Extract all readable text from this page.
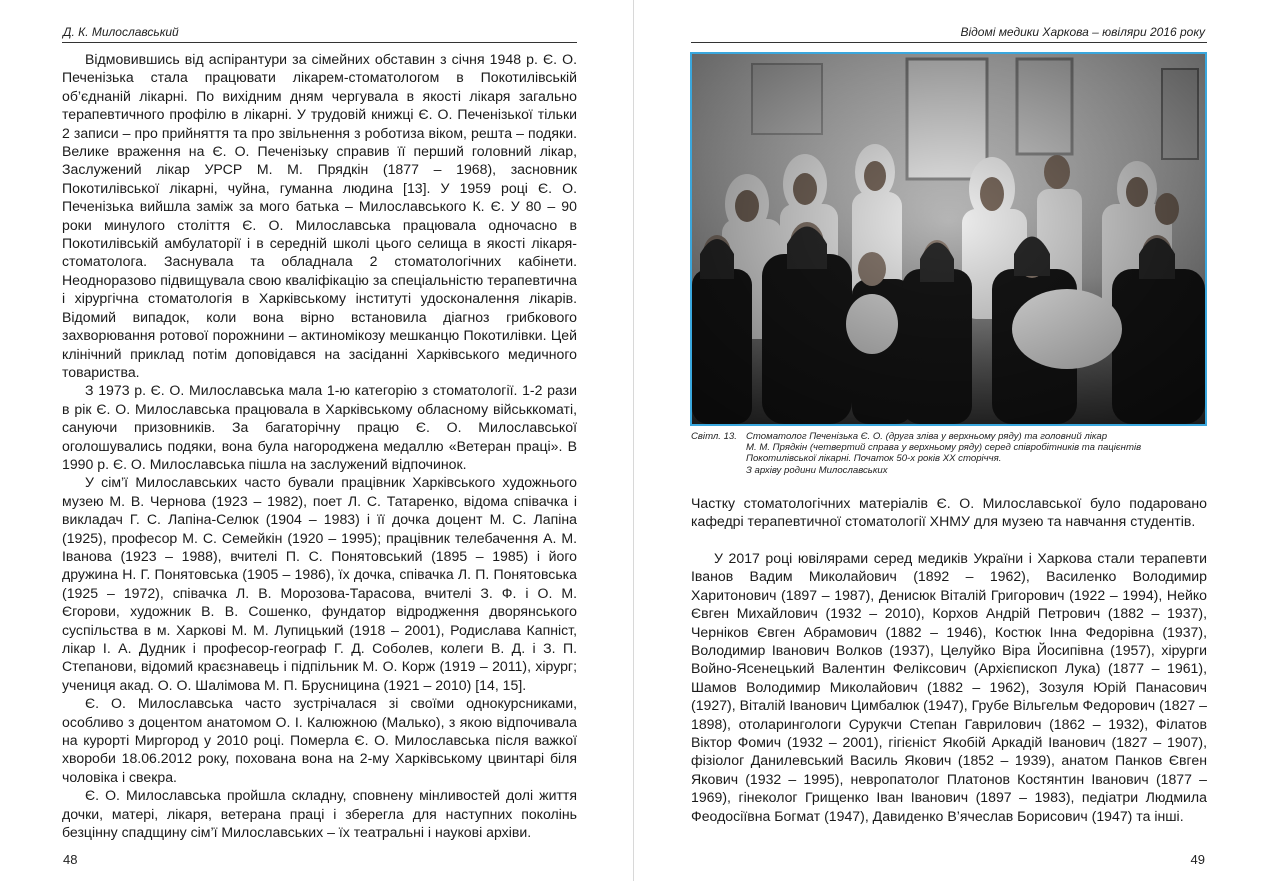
Д. К. Милославський

Відмовившись від аспірантури за сімейних обставин з січня 1948 р. Є. О. Печенізька стала працювати лікарем-стоматологом в Покотилівській об’єднаній лікарні. По вихідним дням чергувала в якості лікаря загально терапевтичного профілю в лікарні. У трудовій книжці Є. О. Печенізької тільки 2 записи – про прийняття та про звільнення з роботиза віком, решта – подяки. Велике враження на Є. О. Печенізьку справив її перший головний лікар, Заслужений лікар УРСР М. М. Прядкін (1877 – 1968), засновник Покотилівської лікарні, чуйна, гуманна людина [13]. У 1959 році Є. О. Печенізька вийшла заміж за мого батька – Милославського К. Є. У 80 – 90 роки минулого століття Є. О. Милославська працювала одночасно в Покотилівській амбулаторії і в середній школі цього селища в якості лікаря-стоматолога. Заснувала та обладнала 2 стоматологічних кабінети. Неодноразово підвищувала свою кваліфікацію за спеціальністю терапевтична і хірургічна стоматологія в Харківському інституті удосконалення лікарів. Відомий випадок, коли вона вірно встановила діагноз грибкового захворювання ротової порожнини – актиномікозу мешканцю Покотилівки. Цей клінічний приклад потім доповідався на засіданні Харківського медичного товариства.

З 1973 р. Є. О. Милославська мала 1-ю категорію з стоматології. 1-2 рази в рік Є. О. Милославська працювала в Харківському обласному військкоматі, сануючи призовників. За багаторічну працю Є. О. Милославської оголошувались подяки, вона була нагороджена медаллю «Ветеран праці». В 1990 р. Є. О. Милославська пішла на заслужений відпочинок.

У сім’ї Милославських часто бували працівник Харківського художнього музею М. В. Чернова (1923 – 1982), поет Л. С. Татаренко, відома співачка і викладач Г. С. Лапіна-Селюк (1904 – 1983) і її дочка доцент М. С. Лапіна (1925), професор М. С. Семейкін (1920 – 1995); працівник телебачення А. М. Іванова (1923 – 1988), вчителі П. С. Понятовський (1895 – 1985) і його дружина Н. Г. Понятовська (1905 – 1986), їх дочка, співачка Л. П. Понятовська (1925 – 1972), співачка Л. В. Морозова-Тарасова, вчителі З. Ф. і О. М. Єгорови, художник В. В. Сошенко, фундатор відродження дворянського суспільства в м. Харкові М. М. Лупицький (1918 – 2001), Родислава Капніст, лікар І. А. Дудник і професор-географ Г. Д. Соболев, колеги В. Д. і З. П. Степанови, відомий краєзнавець і підпільник М. О. Корж (1919 – 2011), хірург; учениця акад. О. О. Шалімова М. П. Брусницина (1921 – 2010) [14, 15].

Є. О. Милославська часто зустрічалася зі своїми однокурсниками, особливо з доцентом анатомом О. І. Калюжною (Малько), з якою відпочивала на курорті Миргород у 2010 році. Померла Є. О. Милославська після важкої хвороби 18.06.2012 року, похована вона на 2-му Харківському цвинтарі біля чоловіка і свекра.

Є. О. Милославська пройшла складну, сповнену мінливостей долі життя дочки, матері, лікаря, ветерана праці і зберегла для наступних поколінь безцінну спадщину сім’ї Милославських – їх театральні і наукові архіви.

48
Відомі медики Харкова – ювіляри 2016 року
Світл. 13. Стоматолог Печенізька Є. О. (друга зліва у верхньому ряду) та головний лікар
М. М. Прядкін (четвертий справа у верхньому ряду) серед співробітників та пацієнтів
Покотилівської лікарні. Початок 50-х років ХХ сторіччя.
З архіву родини Милославських

Частку стоматологічних матеріалів Є. О. Милославської було подаровано кафедрі терапевтичної стоматології ХНМУ для музею та навчання студентів.

У 2017 році ювілярами серед медиків України і Харкова стали терапевти Іванов Вадим Миколайович (1892 – 1962), Василенко Володимир Харитонович (1897 – 1987), Денисюк Віталій Григорович (1922 – 1994), Нейко Євген Михайлович (1932 – 2010), Корхов Андрій Петрович (1882 – 1937), Черніков Євген Абрамович (1882 – 1946), Костюк Інна Федорівна (1937), Володимир Іванович Волков (1937), Целуйко Віра Йосипівна (1957), хірурги Войно-Ясенецький Валентин Феліксович (Архієпископ Лука) (1877 – 1961), Шамов Володимир Миколайович (1882 – 1962), Зозуля Юрій Панасович (1927), Віталій Іванович Цимбалюк (1947), Грубе Вільгельм Федорович (1827 – 1898), отоларингологи Сурукчи Степан Гаврилович (1862 – 1932), Філатов Віктор Фомич (1932 – 2001), гігієніст Якобій Аркадій Іванович (1827 – 1907), фізіолог Данилевський Василь Якович (1852 – 1939), анатом Панков Євген Якович (1932 – 1995), невропатолог Платонов Костянтин Іванович (1877 – 1969), гінеколог Грищенко Іван Іванович (1897 – 1983), педіатри Людмила Феодосіївна Богмат (1947), Давиденко В’ячеслав Борисович (1947) та інші.

49
